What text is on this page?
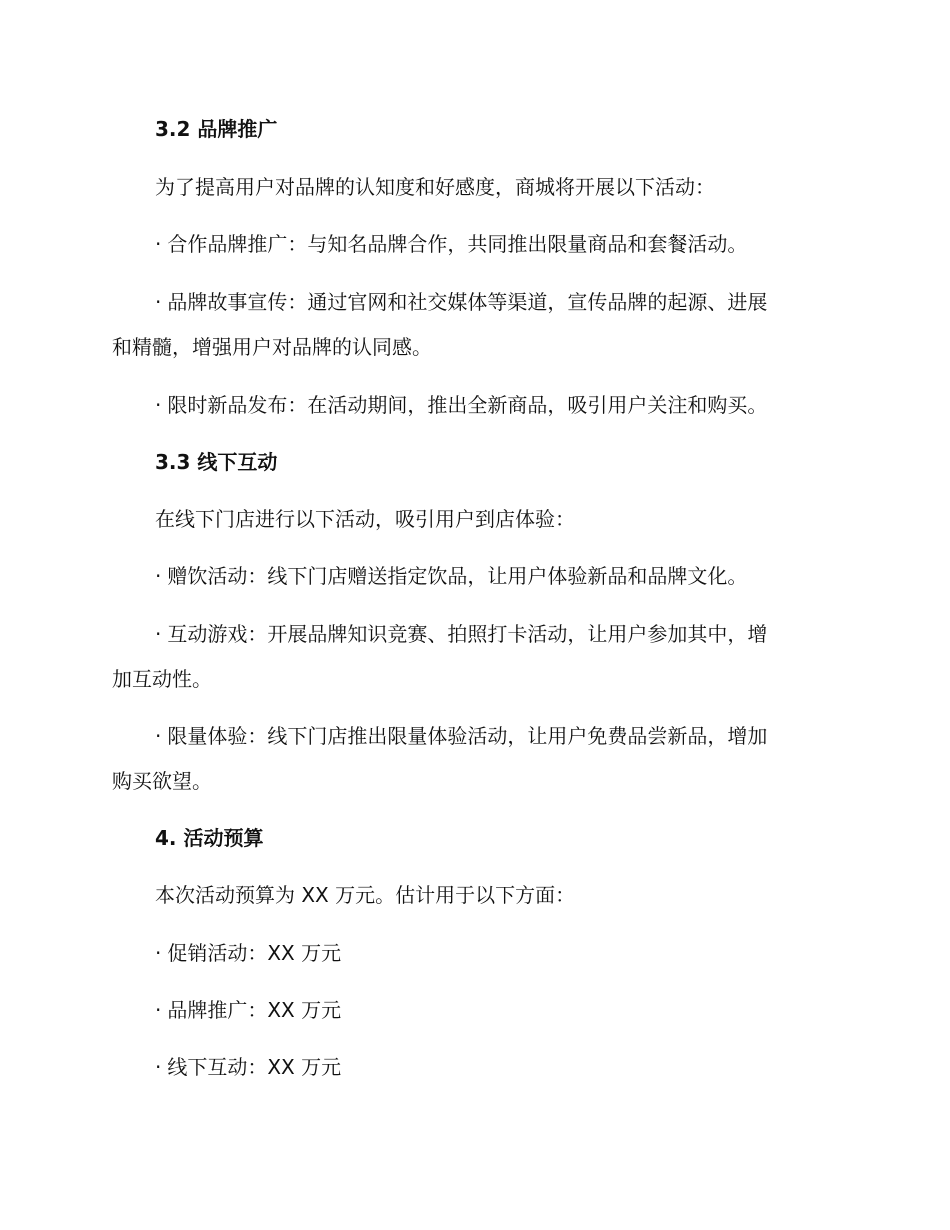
3.2 品牌推广

为了提高用户对品牌的认知度和好感度，商城将开展以下活动：

· 合作品牌推广：与知名品牌合作，共同推出限量商品和套餐活动。

· 品牌故事宣传：通过官网和社交媒体等渠道，宣传品牌的起源、进展

和精髓，增强用户对品牌的认同感。

· 限时新品发布：在活动期间，推出全新商品，吸引用户关注和购买。

3.3 线下互动

在线下门店进行以下活动，吸引用户到店体验：

· 赠饮活动：线下门店赠送指定饮品，让用户体验新品和品牌文化。

· 互动游戏：开展品牌知识竞赛、拍照打卡活动，让用户参加其中，增

加互动性。

· 限量体验：线下门店推出限量体验活动，让用户免费品尝新品，增加

购买欲望。

4. 活动预算

本次活动预算为 XX 万元。估计用于以下方面：

· 促销活动：XX 万元

· 品牌推广：XX 万元

· 线下互动：XX 万元
